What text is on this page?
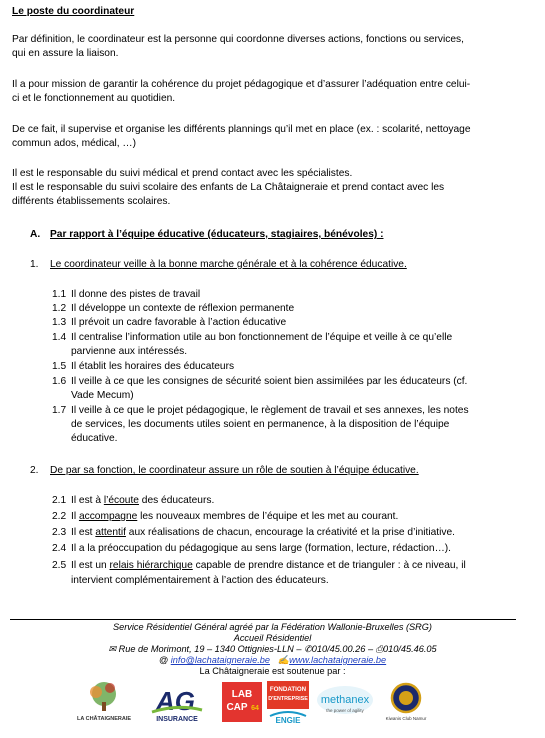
Le poste du coordinateur
Par définition, le coordinateur est la personne qui coordonne diverses actions, fonctions ou services,
qui en assure la liaison.
Il a pour mission de garantir la cohérence du projet pédagogique et d’assurer l’adéquation entre celui-
ci et le fonctionnement au quotidien.
De ce fait, il supervise et organise les différents plannings qu’il met en place (ex. : scolarité, nettoyage
commun ados, médical, …)
Il est le responsable du suivi médical et prend contact avec les spécialistes.
Il est le responsable du suivi scolaire des enfants de La Châtaigneraie et prend contact avec les
différents établissements scolaires.
A. Par rapport à l’équipe éducative (éducateurs, stagiaires, bénévoles) :
1. Le coordinateur veille à la bonne marche générale et à la cohérence éducative.
1.1 Il donne des pistes de travail
1.2 Il développe un contexte de réflexion permanente
1.3 Il prévoit un cadre favorable à l’action éducative
1.4 Il centralise l’information utile au bon fonctionnement de l’équipe et veille à ce qu’elle
parvienne aux intéressés.
1.5 Il établit les horaires des éducateurs
1.6 Il veille à ce que les consignes de sécurité soient bien assimilées par les éducateurs (cf.
Vade Mecum)
1.7 Il veille à ce que le projet pédagogique, le règlement de travail et ses annexes, les notes
de services, les documents utiles soient en permanence, à la disposition de l’équipe
éducative.
2. De par sa fonction, le coordinateur assure un rôle de soutien à l’équipe éducative.
2.1 Il est à l’écoute des éducateurs.
2.2 Il accompagne les nouveaux membres de l’équipe et les met au courant.
2.3 Il est attentif aux réalisations de chacun, encourage la créativité et la prise d’initiative.
2.4 Il a la préoccupation du pédagogique au sens large (formation, lecture, rédaction…).
2.5 Il est un relais hiérarchique capable de prendre distance et de trianguler : à ce niveau, il
intervient complémentairement à l’action des éducateurs.
Service Résidentiel Général agréé par la Fédération Wallonie-Bruxelles (SRG)
Accueil Résidentiel
✉ Rue de Morimont, 19 – 1340 Ottignies-LLN – ✆010/45.00.26 – ⎙010/45.46.05
@ info@lachataigneraie.be ✍www.lachataigneraie.be
La Châtaigneraie est soutenue par :
LA CHÂTAIGNERAIE
AG
INSURANCE
LAB
CAP 64
FONDATION
D'ENTREPRISE
ENGIE
methanex
the power of agility
Kiwanis Club Namur
